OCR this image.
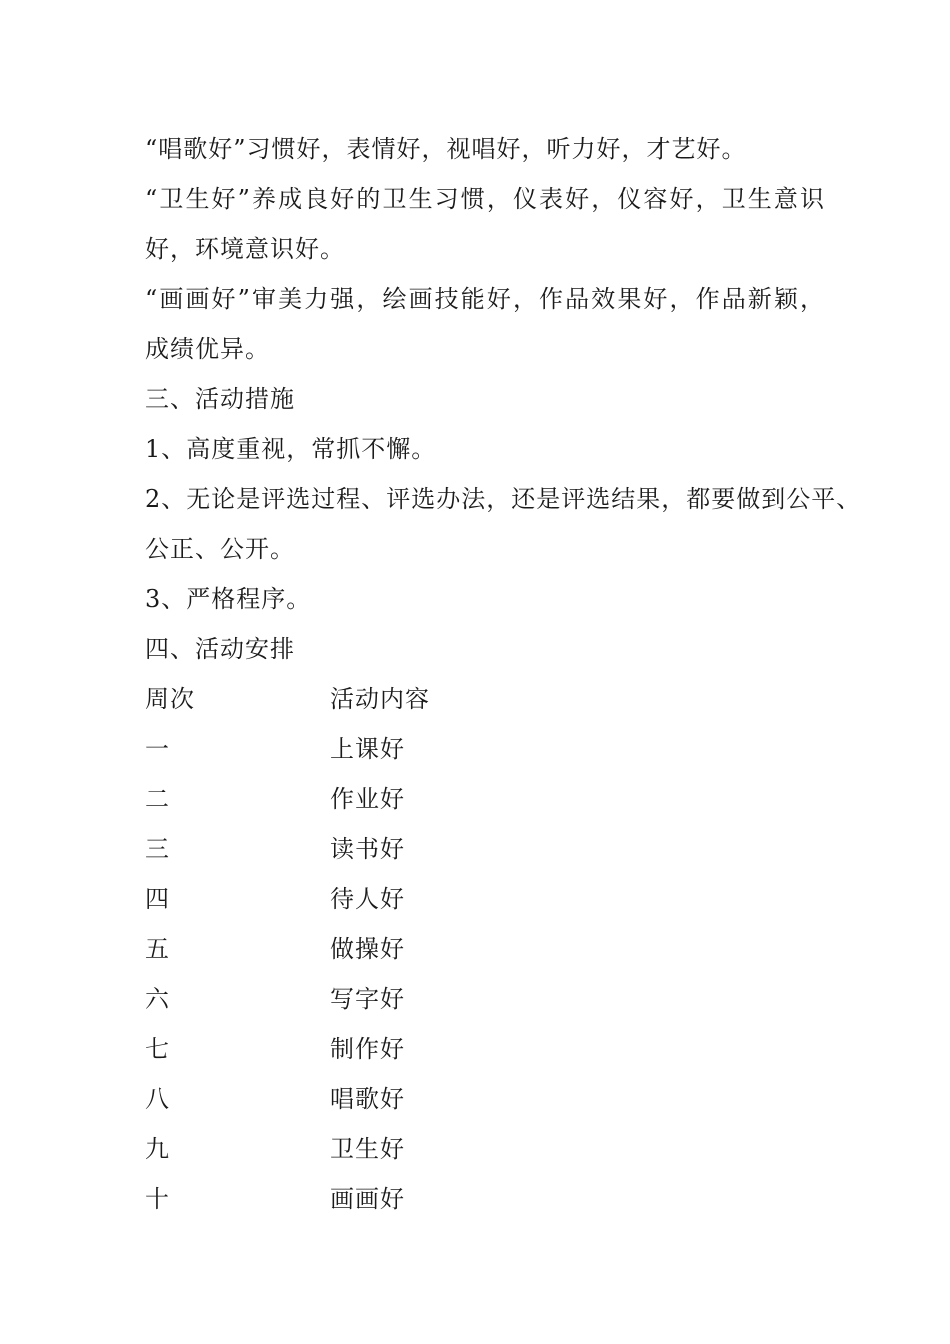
“唱歌好”习惯好，表情好，视唱好，听力好，才艺好。
“卫生好”养成良好的卫生习惯，仪表好，仪容好，卫生意识
好，环境意识好。
“画画好”审美力强，绘画技能好，作品效果好，作品新颖，
成绩优异。
三、活动措施
1、高度重视，常抓不懈。
2、无论是评选过程、评选办法，还是评选结果，都要做到公平、
公正、公开。
3、严格程序。
四、活动安排
周次	活动内容
一	上课好
二	作业好
三	读书好
四	待人好
五	做操好
六	写字好
七	制作好
八	唱歌好
九	卫生好
十	画画好
